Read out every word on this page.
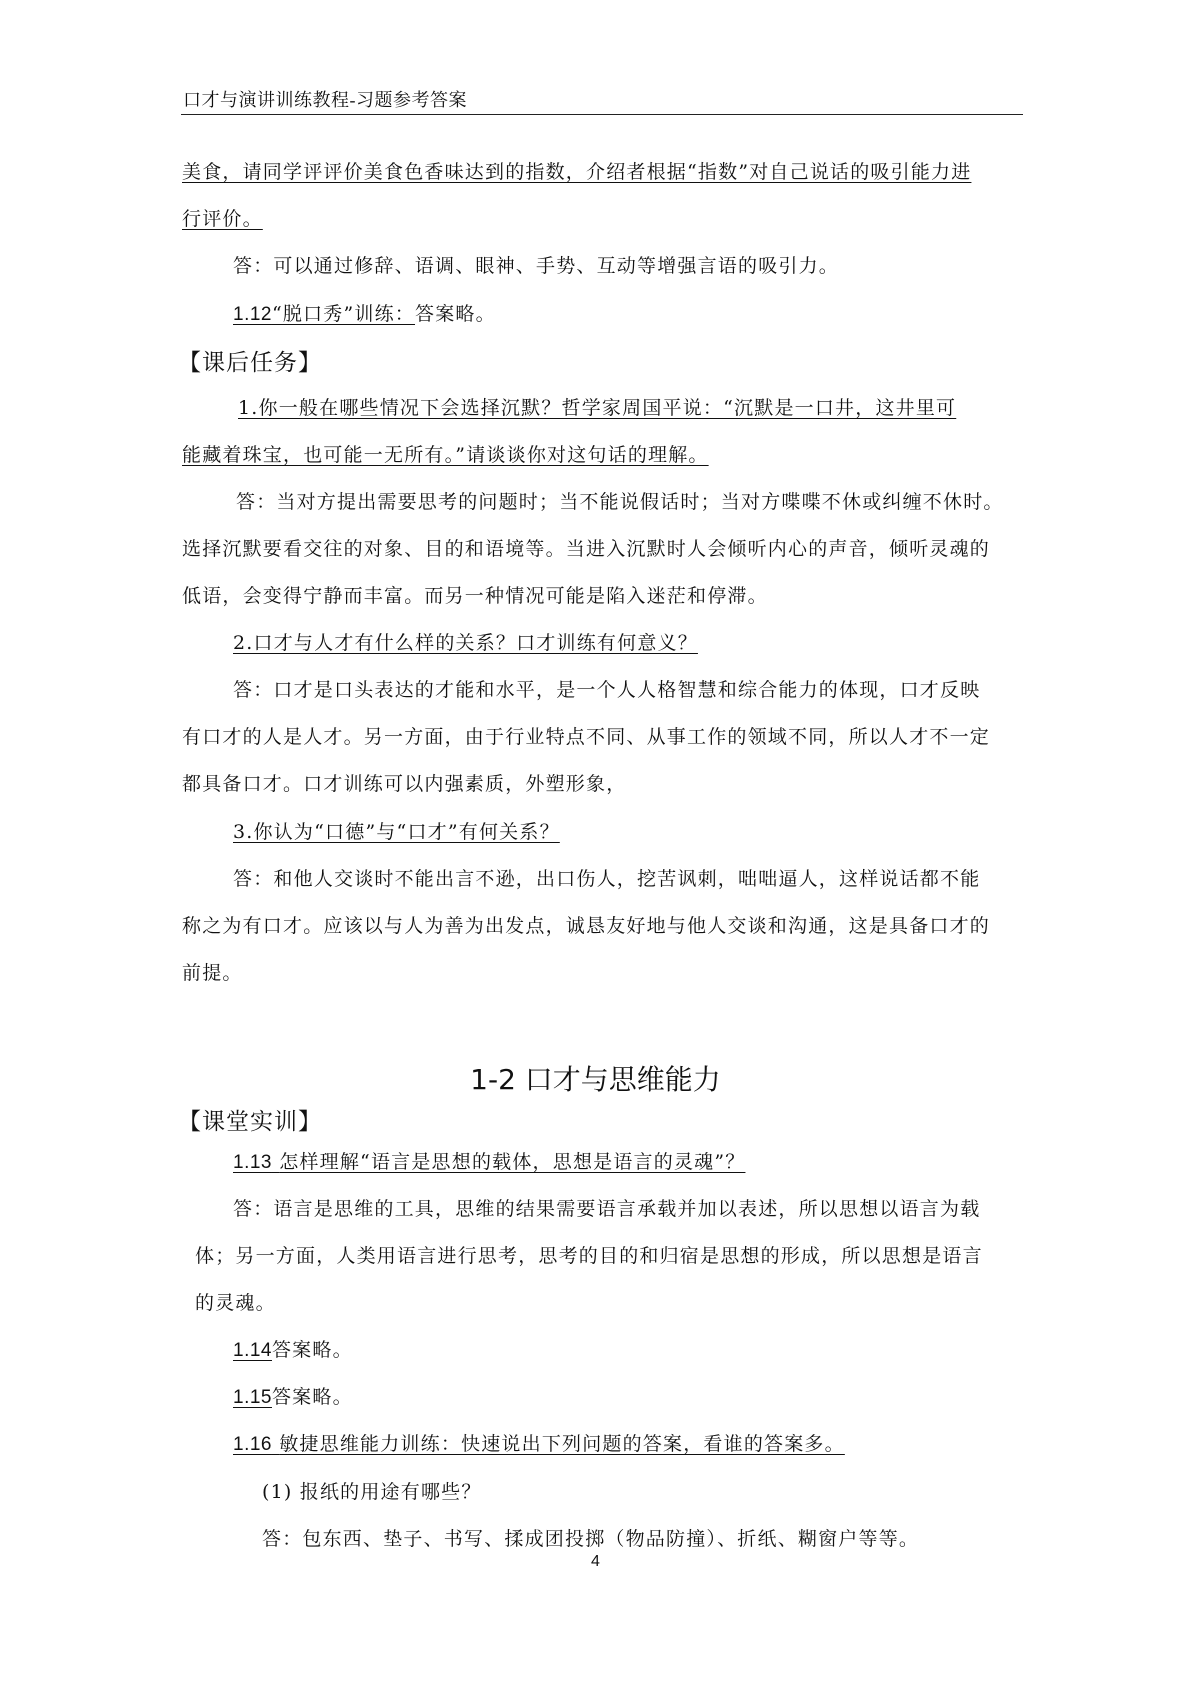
口才与演讲训练教程-习题参考答案
美食，请同学评评价美食色香味达到的指数，介绍者根据“指数”对自己说话的吸引能力进
行评价。
答：可以通过修辞、语调、眼神、手势、互动等增强言语的吸引力。
1.12“脱口秀”训练：答案略。
【课后任务】
1.你一般在哪些情况下会选择沉默？哲学家周国平说：“沉默是一口井，这井里可
能藏着珠宝，也可能一无所有。”请谈谈你对这句话的理解。
答：当对方提出需要思考的问题时；当不能说假话时；当对方喋喋不休或纠缠不休时。
选择沉默要看交往的对象、目的和语境等。当进入沉默时人会倾听内心的声音，倾听灵魂的
低语，会变得宁静而丰富。而另一种情况可能是陷入迷茫和停滞。
2.口才与人才有什么样的关系？口才训练有何意义？
答：口才是口头表达的才能和水平，是一个人人格智慧和综合能力的体现，口才反映
有口才的人是人才。另一方面，由于行业特点不同、从事工作的领域不同，所以人才不一定
都具备口才。口才训练可以内强素质，外塑形象，
3.你认为“口德”与“口才”有何关系？
答：和他人交谈时不能出言不逊，出口伤人，挖苦讽刺，咄咄逼人，这样说话都不能
称之为有口才。应该以与人为善为出发点，诚恳友好地与他人交谈和沟通，这是具备口才的
前提。
1-2 口才与思维能力
【课堂实训】
1.13 怎样理解“语言是思想的载体，思想是语言的灵魂”？
答：语言是思维的工具，思维的结果需要语言承载并加以表述，所以思想以语言为载
体；另一方面，人类用语言进行思考，思考的目的和归宿是思想的形成，所以思想是语言
的灵魂。
1.14答案略。
1.15答案略。
1.16 敏捷思维能力训练：快速说出下列问题的答案，看谁的答案多。
(1) 报纸的用途有哪些？
答：包东西、垫子、书写、揉成团投掷（物品防撞）、折纸、糊窗户等等。
4
